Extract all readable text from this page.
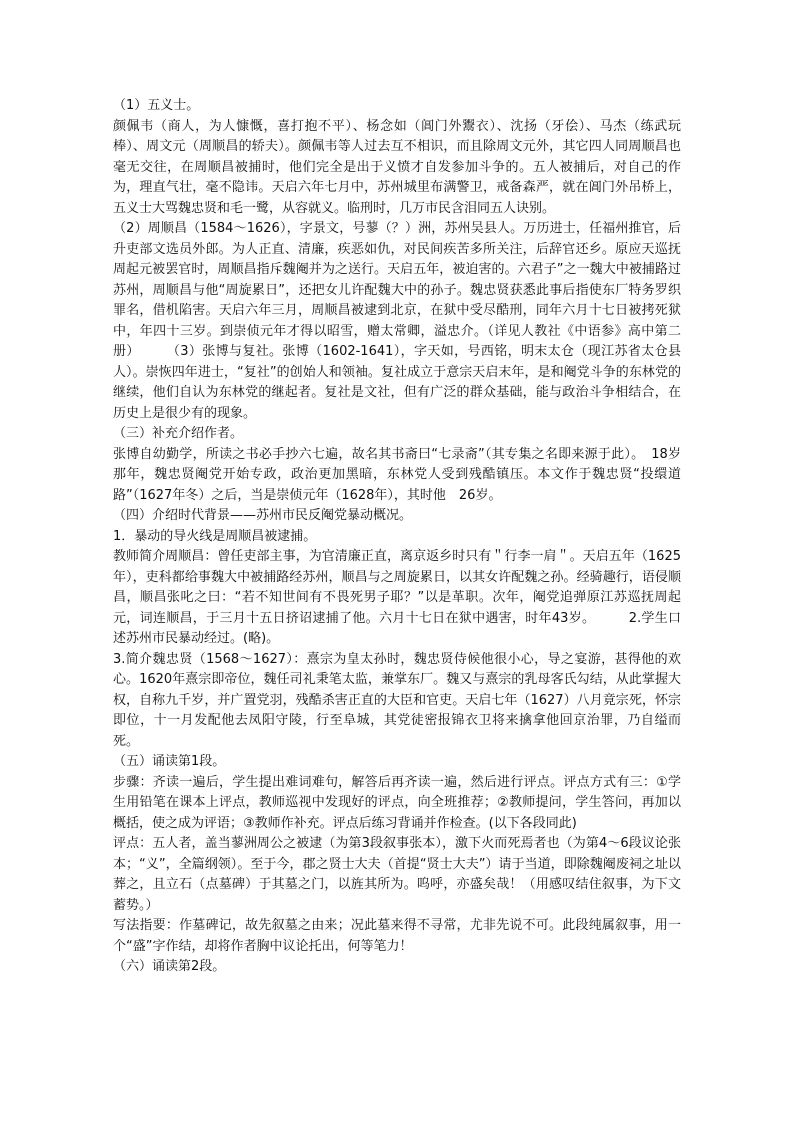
（1）五义士。

颜佩韦（商人，为人慷慨，喜打抱不平）、杨念如（阊门外鬻衣）、沈扬（牙侩）、马杰（练武玩棒）、周文元（周顺昌的轿夫）。颜佩韦等人过去互不相识，而且除周文元外，其它四人同周顺昌也毫无交往，在周顺昌被捕时，他们完全是出于义愤才自发参加斗争的。五人被捕后，对自己的作为，理直气壮，毫不隐讳。天启六年七月中，苏州城里布满警卫，戒备森严，就在阊门外吊桥上，五义士大骂魏忠贤和毛一鹭，从容就义。临刑时，几万市民含泪同五人诀别。

（2）周顺昌（1584～1626），字景文，号蓼（？）洲，苏州吴县人。万历进士，任福州推官，后升吏部文选员外郎。为人正直、清廉，疾恶如仇，对民间疾苦多所关注，后辞官还乡。原应天巡抚周起元被罢官时，周顺昌指斥魏阉并为之送行。天启五年，被迫害的。六君子”之一魏大中被捕路过苏州，周顺昌与他“周旋累日”，还把女儿许配魏大中的孙子。魏忠贤获悉此事后指使东厂特务罗织罪名，借机陷害。天启六年三月，周顺昌被逮到北京，在狱中受尽酷刑，同年六月十七日被拷死狱中，年四十三岁。到崇侦元年才得以昭雪，赠太常卿，溢忠介。（详见人教社《中语参》高中第二册）　　　（3）张博与复社。张博（1602-1641），字天如，号西铭，明末太仓（现江苏省太仓县人）。崇恢四年进士，“复社”的创始人和领袖。复社成立于意宗天启末年，是和阉党斗争的东林党的继续，他们自认为东林党的继起者。复社是文社，但有广泛的群众基础，能与政治斗争相结合，在历史上是很少有的现象。

（三）补充介绍作者。

张博自幼勤学，所读之书必手抄六七遍，故名其书斋曰“七录斋”（其专集之名即来源于此）。　18岁那年，魏忠贤阉党开始专政，政治更加黑暗，东林党人受到残酷镇压。本文作于魏忠贤“投缳道路”（1627年冬）之后，当是崇侦元年（1628年），其时他　26岁。

（四）介绍时代背景——苏州市民反阉党暴动概况。

1．暴动的导火线是周顺昌被逮捕。

教师简介周顺昌：曾任吏部主事，为官清廉正直，离京返乡时只有＂行李一肩＂。天启五年（1625年），吏科都给事魏大中被捕路经苏州，顺昌与之周旋累日，以其女许配魏之孙。经骑趣行，语侵顺昌，顺昌张叱之曰：“若不知世间有不畏死男子耶？”以是革职。次年，阉党追弹原江苏巡抚周起元，词连顺昌，于三月十五日挤诏逮捕了他。六月十七日在狱中遇害，时年43岁。　　　2.学生口述苏州市民暴动经过。(略)。

3.简介魏忠贤（1568～1627）：熹宗为皇太孙时，魏忠贤侍候他很小心，导之宴游，甚得他的欢心。1620年熹宗即帝位，魏任司礼秉笔太监，兼掌东厂。魏又与熹宗的乳母客氏勾结，从此掌握大权，自称九千岁，并广置党羽，残酷杀害正直的大臣和官吏。天启七年（1627）八月竟宗死，怀宗即位，十一月发配他去凤阳守陵，行至阜城，其党徒密报锦衣卫将来擒拿他回京治罪，乃自缢而死。

（五）诵读第1段。

步骤：齐读一遍后，学生提出难词难句，解答后再齐读一遍，然后进行评点。评点方式有三：①学生用铅笔在课本上评点，教师巡视中发现好的评点，向全班推荐；②教师提问，学生答问，再加以概括，使之成为评语；③教师作补充。评点后练习背诵并作检查。(以下各段同此)

评点：五人者，盖当蓼洲周公之被逮（为第3段叙事张本），激下火而死焉者也（为第4～6段议论张本；“义”，全篇纲领）。至于今，郡之贤士大夫（首提“贤士大夫”）请于当道，即除魏阉废祠之址以葬之，且立石（点墓碑）于其墓之门，以旌其所为。呜呼，亦盛矣哉！（用感叹结住叙事，为下文蓄势。）

写法指要：作墓碑记，故先叙墓之由来；况此墓来得不寻常，尤非先说不可。此段纯属叙事，用一个“盛”字作结，却将作者胸中议论托出，何等笔力！

（六）诵读第2段。
